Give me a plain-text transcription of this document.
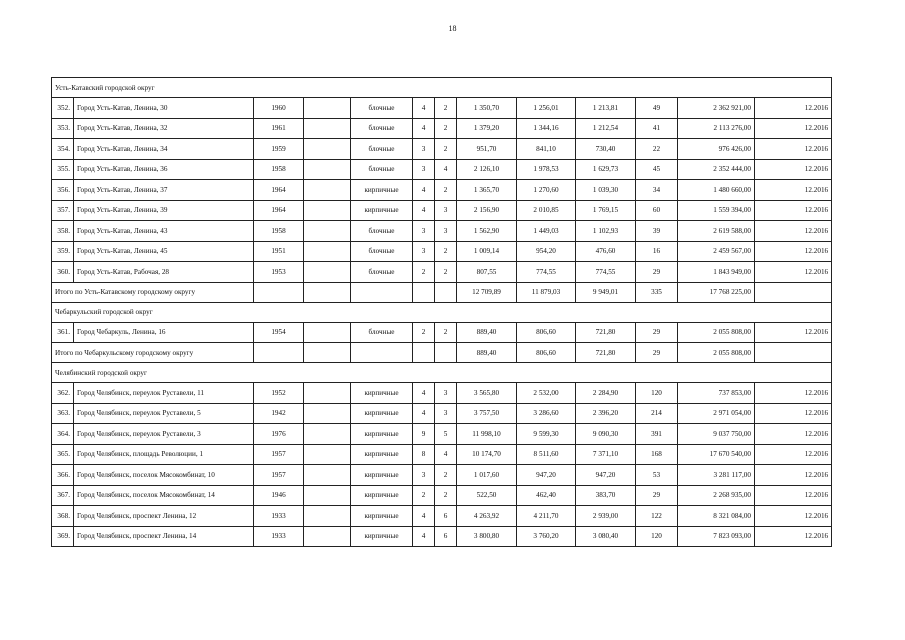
18
Усть-Катавский городской округ												
352.	Город Усть-Катав, Ленина, 30	1960		блочные	4	2	1 350,70	1 256,01	1 213,81	49	2 362 921,00	12.2016
353.	Город Усть-Катав, Ленина, 32	1961		блочные	4	2	1 379,20	1 344,16	1 212,54	41	2 113 276,00	12.2016
354.	Город Усть-Катав, Ленина, 34	1959		блочные	3	2	951,70	841,10	730,40	22	976 426,00	12.2016
355.	Город Усть-Катав, Ленина, 36	1958		блочные	3	4	2 126,10	1 978,53	1 629,73	45	2 352 444,00	12.2016
356.	Город Усть-Катав, Ленина, 37	1964		кирпичные	4	2	1 365,70	1 270,60	1 039,30	34	1 480 660,00	12.2016
357.	Город Усть-Катав, Ленина, 39	1964		кирпичные	4	3	2 156,90	2 010,85	1 769,15	60	1 559 394,00	12.2016
358.	Город Усть-Катав, Ленина, 43	1958		блочные	3	3	1 562,90	1 449,03	1 102,93	39	2 619 588,00	12.2016
359.	Город Усть-Катав, Ленина, 45	1951		блочные	3	2	1 009,14	954,20	476,60	16	2 459 567,00	12.2016
360.	Город Усть-Катав, Рабочая, 28	1953		блочные	2	2	807,55	774,55	774,55	29	1 843 949,00	12.2016
Итого по Усть-Катавскому городскому округу							12 709,89	11 879,03	9 949,01	335	17 768 225,00	
Чебаркульский городской округ												
361.	Город Чебаркуль, Ленина, 16	1954		блочные	2	2	889,40	806,60	721,80	29	2 055 808,00	12.2016
Итого по Чебаркульскому городскому округу							889,40	806,60	721,80	29	2 055 808,00	
Челябинский городской округ												
362.	Город Челябинск, переулок Руставели, 11	1952		кирпичные	4	3	3 565,80	2 532,00	2 284,90	120	737 853,00	12.2016
363.	Город Челябинск, переулок Руставели, 5	1942		кирпичные	4	3	3 757,50	3 286,60	2 396,20	214	2 971 054,00	12.2016
364.	Город Челябинск, переулок Руставели, 3	1976		кирпичные	9	5	11 998,10	9 599,30	9 090,30	391	9 037 750,00	12.2016
365.	Город Челябинск, площадь Революции, 1	1957		кирпичные	8	4	10 174,70	8 511,60	7 371,10	168	17 670 540,00	12.2016
366.	Город Челябинск, поселок Мясокомбинат, 10	1957		кирпичные	3	2	1 017,60	947,20	947,20	53	3 281 117,00	12.2016
367.	Город Челябинск, поселок Мясокомбинат, 14	1946		кирпичные	2	2	522,50	462,40	383,70	29	2 268 935,00	12.2016
368.	Город Челябинск, проспект Ленина, 12	1933		кирпичные	4	6	4 263,92	4 211,70	2 939,00	122	8 321 084,00	12.2016
369.	Город Челябинск, проспект Ленина, 14	1933		кирпичные	4	6	3 800,80	3 760,20	3 080,40	120	7 823 093,00	12.2016
